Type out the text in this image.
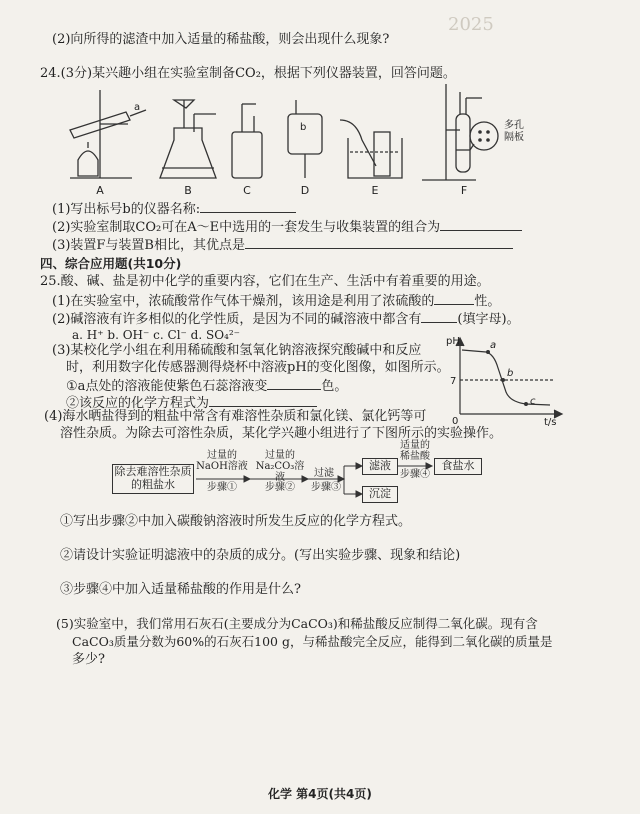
2025
(2)向所得的滤渣中加入适量的稀盐酸，则会出现什么现象?
24.(3分)某兴趣小组在实验室制备CO₂，根据下列仪器装置，回答问题。
a
b	多孔
隔板
A	B	C	D	E	F
(1)写出标号b的仪器名称:
(2)实验室制取CO₂可在A～E中选用的一套发生与收集装置的组合为
(3)装置F与装置B相比，其优点是
四、综合应用题(共10分)
25.酸、碱、盐是初中化学的重要内容，它们在生产、生活中有着重要的用途。
(1)在实验室中，浓硫酸常作气体干燥剂，该用途是利用了浓硫酸的	性。
(2)碱溶液有许多相似的化学性质，是因为不同的碱溶液中都含有	(填字母)。
a. H⁺ b. OH⁻ c. Cl⁻ d. SO₄²⁻
(3)某校化学小组在利用稀硫酸和氢氧化钠溶液探究酸碱中和反应
时，利用数字化传感器测得烧杯中溶液pH的变化图像，如图所示。
①a点处的溶液能使紫色石蕊溶液变	色。
②该反应的化学方程式为
pH
7
0	t/s
a
b
c
(4)海水晒盐得到的粗盐中常含有难溶性杂质和氯化镁、氯化钙等可
溶性杂质。为除去可溶性杂质，某化学兴趣小组进行了下图所示的实验操作。
除去难溶性杂质的粗盐水
过量的NaOH溶液
步骤①
过量的Na₂CO₃溶液
步骤②
过滤
步骤③
滤液
沉淀
适量的稀盐酸
步骤④
食盐水
①写出步骤②中加入碳酸钠溶液时所发生反应的化学方程式。
②请设计实验证明滤液中的杂质的成分。(写出实验步骤、现象和结论)
③步骤④中加入适量稀盐酸的作用是什么?
(5)实验室中，我们常用石灰石(主要成分为CaCO₃)和稀盐酸反应制得二氧化碳。现有含
CaCO₃质量分数为60%的石灰石100 g，与稀盐酸完全反应，能得到二氧化碳的质量是
多少?
化学 第4页(共4页)
